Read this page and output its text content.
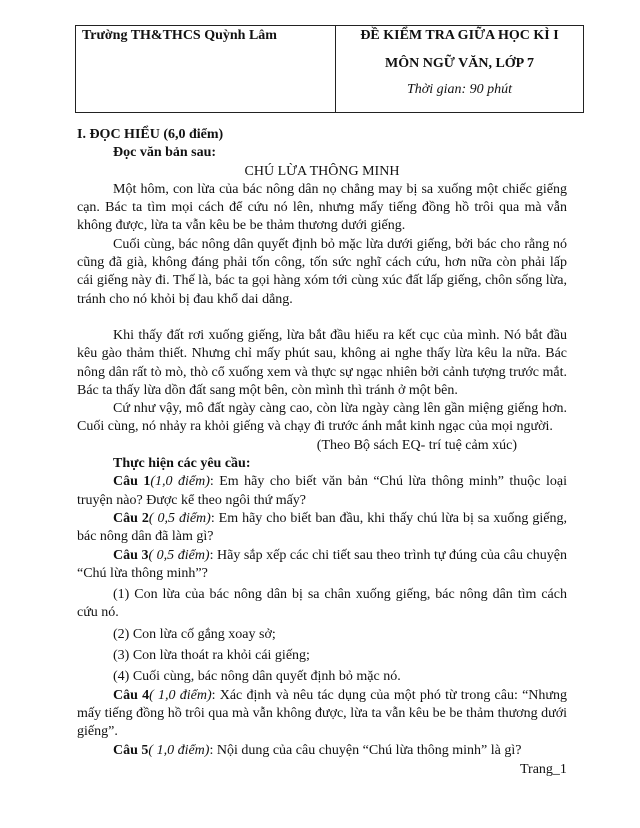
Trường TH&THCS Quỳnh Lâm	ĐỀ KIỂM TRA GIỮA HỌC KÌ I
MÔN NGỮ VĂN, LỚP 7
Thời gian: 90 phút

I. ĐỌC HIỂU (6,0 điểm)

Đọc văn bản sau:

CHÚ LỪA THÔNG MINH

Một hôm, con lừa của bác nông dân nọ chẳng may bị sa xuống một chiếc giếng cạn. Bác ta tìm mọi cách để cứu nó lên, nhưng mấy tiếng đồng hồ trôi qua mà vẫn không được, lừa ta vẫn kêu be be thảm thương dưới giếng.

Cuối cùng, bác nông dân quyết định bỏ mặc lừa dưới giếng, bởi bác cho rằng nó cũng đã già, không đáng phải tốn công, tốn sức nghĩ cách cứu, hơn nữa còn phải lấp cái giếng này đi. Thế là, bác ta gọi hàng xóm tới cùng xúc đất lấp giếng, chôn sống lừa, tránh cho nó khỏi bị đau khổ dai dẳng.

Khi thấy đất rơi xuống giếng, lừa bắt đầu hiểu ra kết cục của mình. Nó bắt đầu kêu gào thảm thiết. Nhưng chỉ mấy phút sau, không ai nghe thấy lừa kêu la nữa. Bác nông dân rất tò mò, thò cổ xuống xem và thực sự ngạc nhiên bởi cảnh tượng trước mắt. Bác ta thấy lừa dồn đất sang một bên, còn mình thì tránh ở một bên.

Cứ như vậy, mô đất ngày càng cao, còn lừa ngày càng lên gần miệng giếng hơn. Cuối cùng, nó nhảy ra khỏi giếng và chạy đi trước ánh mắt kinh ngạc của mọi người.

(Theo Bộ sách EQ- trí tuệ cảm xúc)

Thực hiện các yêu cầu:

Câu 1(1,0 điểm): Em hãy cho biết văn bản “Chú lừa thông minh” thuộc loại truyện nào? Được kể theo ngôi thứ mấy?

Câu 2( 0,5 điểm): Em hãy cho biết ban đầu, khi thấy chú lừa bị sa xuống giếng, bác nông dân đã làm gì?

Câu 3( 0,5 điểm): Hãy sắp xếp các chi tiết sau theo trình tự đúng của câu chuyện “Chú lừa thông minh”?

(1) Con lừa của bác nông dân bị sa chân xuống giếng, bác nông dân tìm cách cứu nó.

(2) Con lừa cố gắng xoay sở;

(3) Con lừa thoát ra khỏi cái giếng;

(4) Cuối cùng, bác nông dân quyết định bỏ mặc nó.

Câu 4( 1,0 điểm): Xác định và nêu tác dụng của một phó từ trong câu: “Nhưng mấy tiếng đồng hồ trôi qua mà vẫn không được, lừa ta vẫn kêu be be thảm thương dưới giếng”.

Câu 5( 1,0 điểm): Nội dung của câu chuyện “Chú lừa thông minh” là gì?

Trang_1
